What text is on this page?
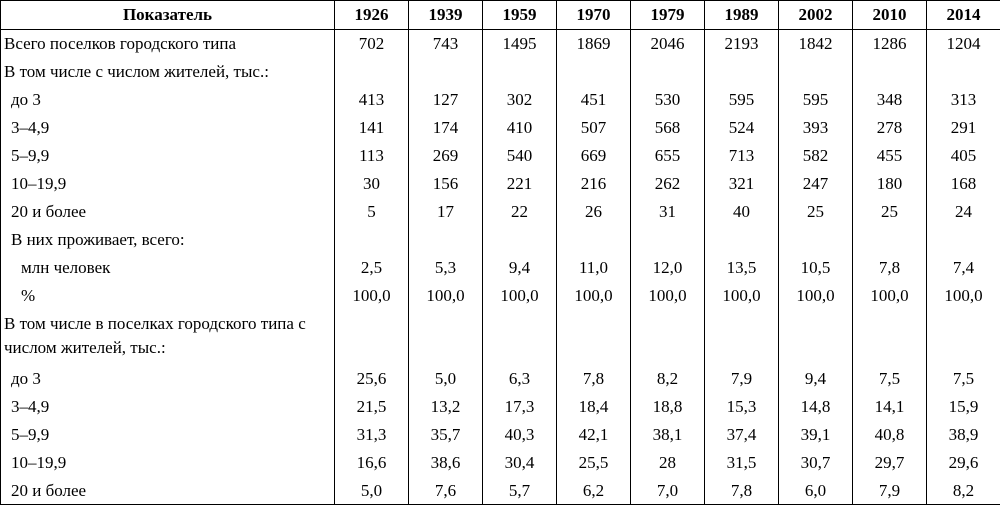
Показатель	1926	1939	1959	1970	1979	1989	2002	2010	2014
Всего поселков городского типа	702	743	1495	1869	2046	2193	1842	1286	1204
В том числе с числом жителей, тыс.:									
до 3	413	127	302	451	530	595	595	348	313
3–4,9	141	174	410	507	568	524	393	278	291
5–9,9	113	269	540	669	655	713	582	455	405
10–19,9	30	156	221	216	262	321	247	180	168
20 и более	5	17	22	26	31	40	25	25	24
В них проживает, всего:									
млн человек	2,5	5,3	9,4	11,0	12,0	13,5	10,5	7,8	7,4
%	100,0	100,0	100,0	100,0	100,0	100,0	100,0	100,0	100,0
В том числе в поселках городского типа с числом жителей, тыс.:									
до 3	25,6	5,0	6,3	7,8	8,2	7,9	9,4	7,5	7,5
3–4,9	21,5	13,2	17,3	18,4	18,8	15,3	14,8	14,1	15,9
5–9,9	31,3	35,7	40,3	42,1	38,1	37,4	39,1	40,8	38,9
10–19,9	16,6	38,6	30,4	25,5	28	31,5	30,7	29,7	29,6
20 и более	5,0	7,6	5,7	6,2	7,0	7,8	6,0	7,9	8,2
